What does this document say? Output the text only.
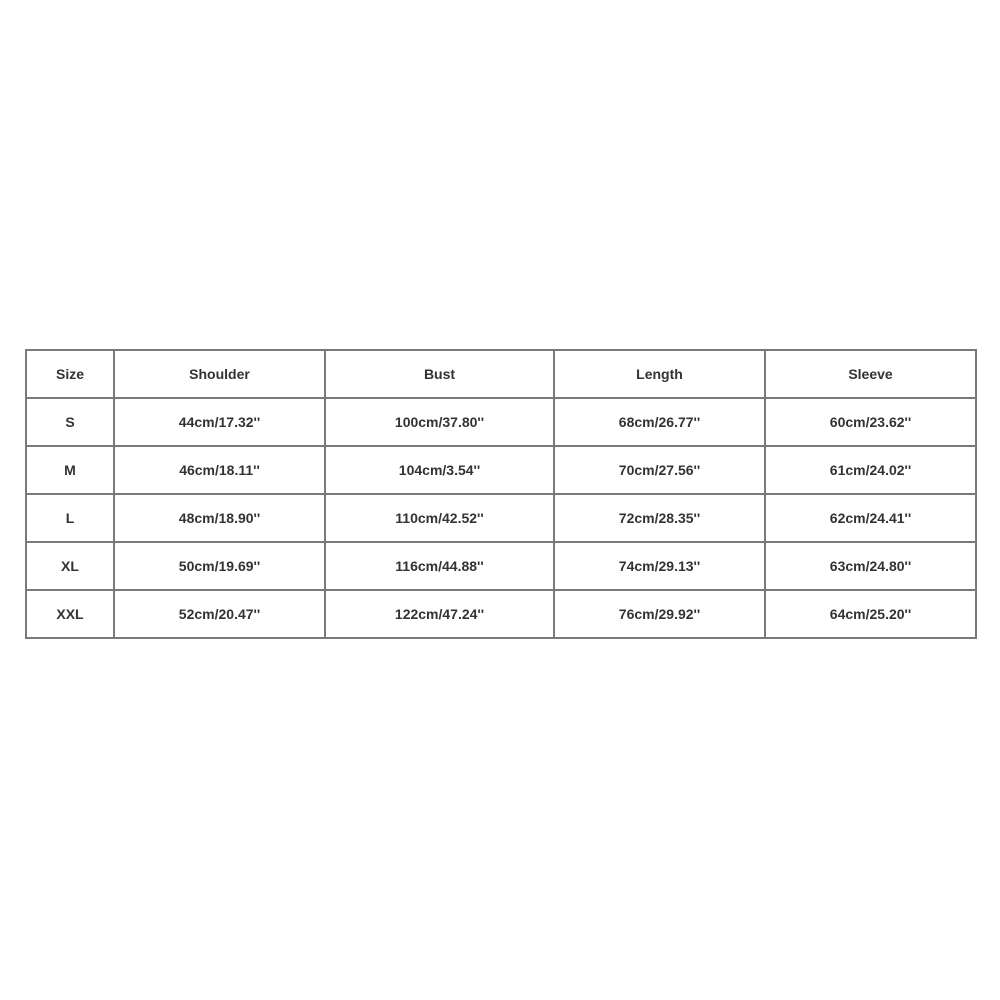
Size	Shoulder	Bust	Length	Sleeve
S	44cm/17.32''	100cm/37.80''	68cm/26.77''	60cm/23.62''
M	46cm/18.11''	104cm/3.54''	70cm/27.56''	61cm/24.02''
L	48cm/18.90''	110cm/42.52''	72cm/28.35''	62cm/24.41''
XL	50cm/19.69''	116cm/44.88''	74cm/29.13''	63cm/24.80''
XXL	52cm/20.47''	122cm/47.24''	76cm/29.92''	64cm/25.20''
